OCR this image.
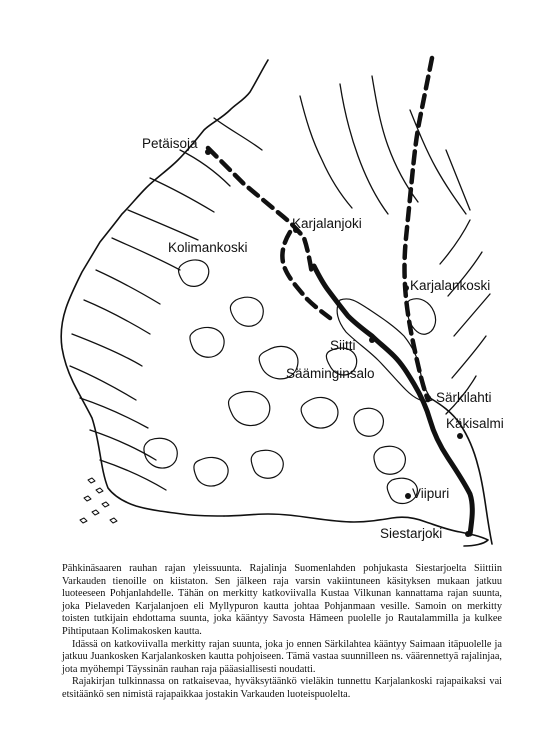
Petäisoja
Karjalanjoki
Kolimankoski
Karjalankoski
Siitti
Sääminginsalo
Särkilahti
Käkisalmi
Viipuri
Siestarjoki

Pähkinäsaaren rauhan rajan yleissuunta. Rajalinja Suomenlahden pohjukasta Siestarjoelta Siittiin Varkauden tienoille on kiistaton. Sen jälkeen raja varsin vakiintuneen käsityksen mukaan jatkuu luoteeseen Pohjanlahdelle. Tähän on merkitty katkoviivalla Kustaa Vilkunan kannattama rajan suunta, joka Pielaveden Karjalanjoen eli Myllypuron kautta johtaa Pohjanmaan vesille. Samoin on merkitty toisten tutkijain ehdottama suunta, joka kääntyy Savosta Hämeen puolelle jo Rautalammilla ja kulkee Pihtiputaan Kolimakosken kautta.

Idässä on katkoviivalla merkitty rajan suunta, joka jo ennen Särkilahtea kääntyy Saimaan itäpuolelle ja jatkuu Juankosken Karjalankosken kautta pohjoiseen. Tämä vastaa suunnilleen ns. väärennettyä rajalinjaa, jota myöhempi Täyssinän rauhan raja pääasiallisesti noudatti.

Rajakirjan tulkinnassa on ratkaisevaa, hyväksytäänkö vieläkin tunnettu Karjalankoski rajapaikaksi vai etsitäänkö sen nimistä rajapaikkaa jostakin Varkauden luoteispuolelta.
